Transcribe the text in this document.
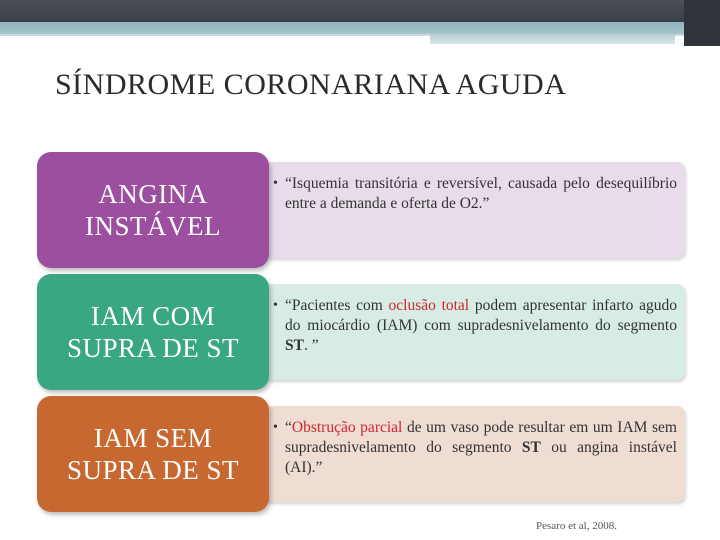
SÍNDROME CORONARIANA AGUDA
ANGINA
INSTÁVEL
• “Isquemia transitória e reversível, causada pelo desequilíbrio entre a demanda e oferta de O2.”
IAM COM
SUPRA DE ST
• “Pacientes com oclusão total podem apresentar infarto agudo do miocárdio (IAM) com supradesnivelamento do segmento ST. ”
IAM SEM
SUPRA DE ST
• “Obstrução parcial de um vaso pode resultar em um IAM sem supradesnivelamento do segmento ST ou angina instável (AI).”
Pesaro et al, 2008.
